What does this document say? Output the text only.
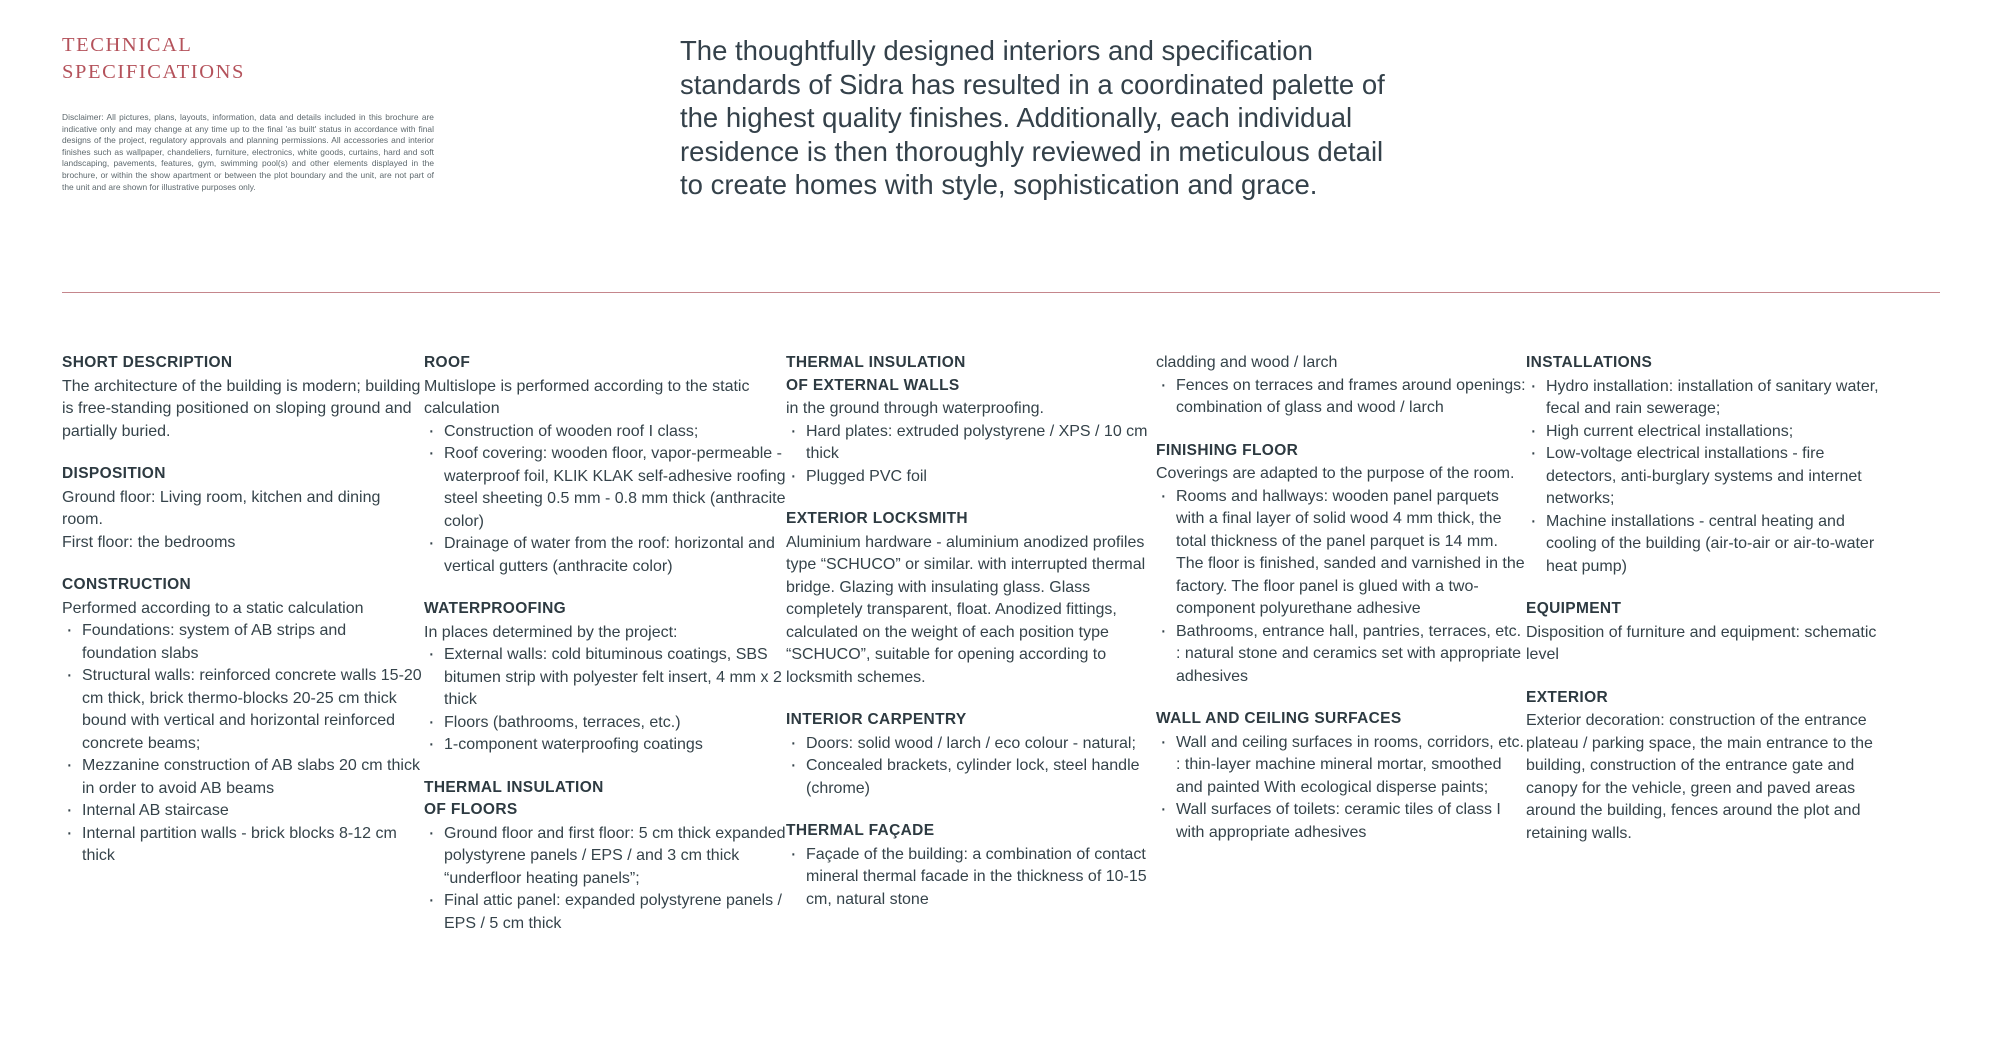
TECHNICAL
SPECIFICATIONS

Disclaimer: All pictures, plans, layouts, information, data and details included in this brochure are indicative only and may change at any time up to the final 'as built' status in accordance with final designs of the project, regulatory approvals and planning permissions. All accessories and interior finishes such as wallpaper, chandeliers, furniture, electronics, white goods, curtains, hard and soft landscaping, pavements, features, gym, swimming pool(s) and other elements displayed in the brochure, or within the show apartment or between the plot boundary and the unit, are not part of the unit and are shown for illustrative purposes only.

The thoughtfully designed interiors and specification standards of Sidra has resulted in a coordinated palette of the highest quality finishes. Additionally, each individual residence is then thoroughly reviewed in meticulous detail to create homes with style, sophistication and grace.

SHORT DESCRIPTION

The architecture of the building is modern; building is free-standing positioned on sloping ground and partially buried.

DISPOSITION

Ground floor: Living room, kitchen and dining room.
First floor: the bedrooms

CONSTRUCTION

Performed according to a static calculation

· Foundations: system of AB strips and foundation slabs
· Structural walls: reinforced concrete walls 15-20 cm thick, brick thermo-blocks 20-25 cm thick bound with vertical and horizontal reinforced concrete beams;
· Mezzanine construction of AB slabs 20 cm thick in order to avoid AB beams
· Internal AB staircase
· Internal partition walls - brick blocks 8-12 cm thick
ROOF

Multislope is performed according to the static calculation

· Construction of wooden roof I class;
· Roof covering: wooden floor, vapor-permeable - waterproof foil, KLIK KLAK self-adhesive roofing steel sheeting 0.5 mm - 0.8 mm thick (anthracite color)
· Drainage of water from the roof: horizontal and vertical gutters (anthracite color)
WATERPROOFING

In places determined by the project:

· External walls: cold bituminous coatings, SBS bitumen strip with polyester felt insert, 4 mm x 2 thick
· Floors (bathrooms, terraces, etc.)
· 1-component waterproofing coatings
THERMAL INSULATION
OF FLOORS
· Ground floor and first floor: 5 cm thick expanded polystyrene panels / EPS / and 3 cm thick “underfloor heating panels”;
· Final attic panel: expanded polystyrene panels / EPS / 5 cm thick
THERMAL INSULATION
OF EXTERNAL WALLS

in the ground through waterproofing.

· Hard plates: extruded polystyrene / XPS / 10 cm thick
· Plugged PVC foil
EXTERIOR LOCKSMITH

Aluminium hardware - aluminium anodized profiles type “SCHUCO” or similar. with interrupted thermal bridge. Glazing with insulating glass. Glass completely transparent, float. Anodized fittings, calculated on the weight of each position type “SCHUCO”, suitable for opening according to locksmith schemes.

INTERIOR CARPENTRY
· Doors: solid wood / larch / eco colour - natural;
· Concealed brackets, cylinder lock, steel handle (chrome)
THERMAL FAÇADE
· Façade of the building: a combination of contact mineral thermal facade in the thickness of 10-15 cm, natural stone

cladding and wood / larch

· Fences on terraces and frames around openings: combination of glass and wood / larch
FINISHING FLOOR

Coverings are adapted to the purpose of the room.

· Rooms and hallways: wooden panel parquets with a final layer of solid wood 4 mm thick, the total thickness of the panel parquet is 14 mm. The floor is finished, sanded and varnished in the factory. The floor panel is glued with a two-component polyurethane adhesive
· Bathrooms, entrance hall, pantries, terraces, etc. : natural stone and ceramics set with appropriate adhesives
WALL AND CEILING SURFACES
· Wall and ceiling surfaces in rooms, corridors, etc. : thin-layer machine mineral mortar, smoothed and painted With ecological disperse paints;
· Wall surfaces of toilets: ceramic tiles of class I with appropriate adhesives
INSTALLATIONS
· Hydro installation: installation of sanitary water, fecal and rain sewerage;
· High current electrical installations;
· Low-voltage electrical installations - fire detectors, anti-burglary systems and internet networks;
· Machine installations - central heating and cooling of the building (air-to-air or air-to-water heat pump)
EQUIPMENT

Disposition of furniture and equipment: schematic level

EXTERIOR

Exterior decoration: construction of the entrance plateau / parking space, the main entrance to the building, construction of the entrance gate and canopy for the vehicle, green and paved areas around the building, fences around the plot and retaining walls.
